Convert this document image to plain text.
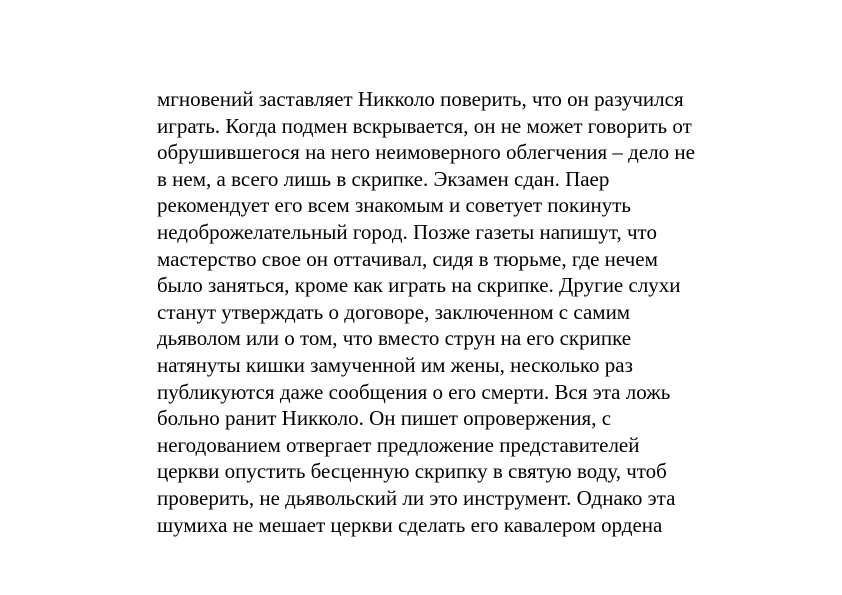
мгновений заставляет Никколо поверить, что он разучился
играть. Когда подмен вскрывается, он не может говорить от
обрушившегося на него неимоверного облегчения – дело не
в нем, а всего лишь в скрипке. Экзамен сдан. Паер
рекомендует его всем знакомым и советует покинуть
недоброжелательный город. Позже газеты напишут, что
мастерство свое он оттачивал, сидя в тюрьме, где нечем
было заняться, кроме как играть на скрипке. Другие слухи
станут утверждать о договоре, заключенном с самим
дьяволом или о том, что вместо струн на его скрипке
натянуты кишки замученной им жены, несколько раз
публикуются даже сообщения о его смерти. Вся эта ложь
больно ранит Никколо. Он пишет опровержения, с
негодованием отвергает предложение представителей
церкви опустить бесценную скрипку в святую воду, чтоб
проверить, не дьявольский ли это инструмент. Однако эта
шумиха не мешает церкви сделать его кавалером ордена
